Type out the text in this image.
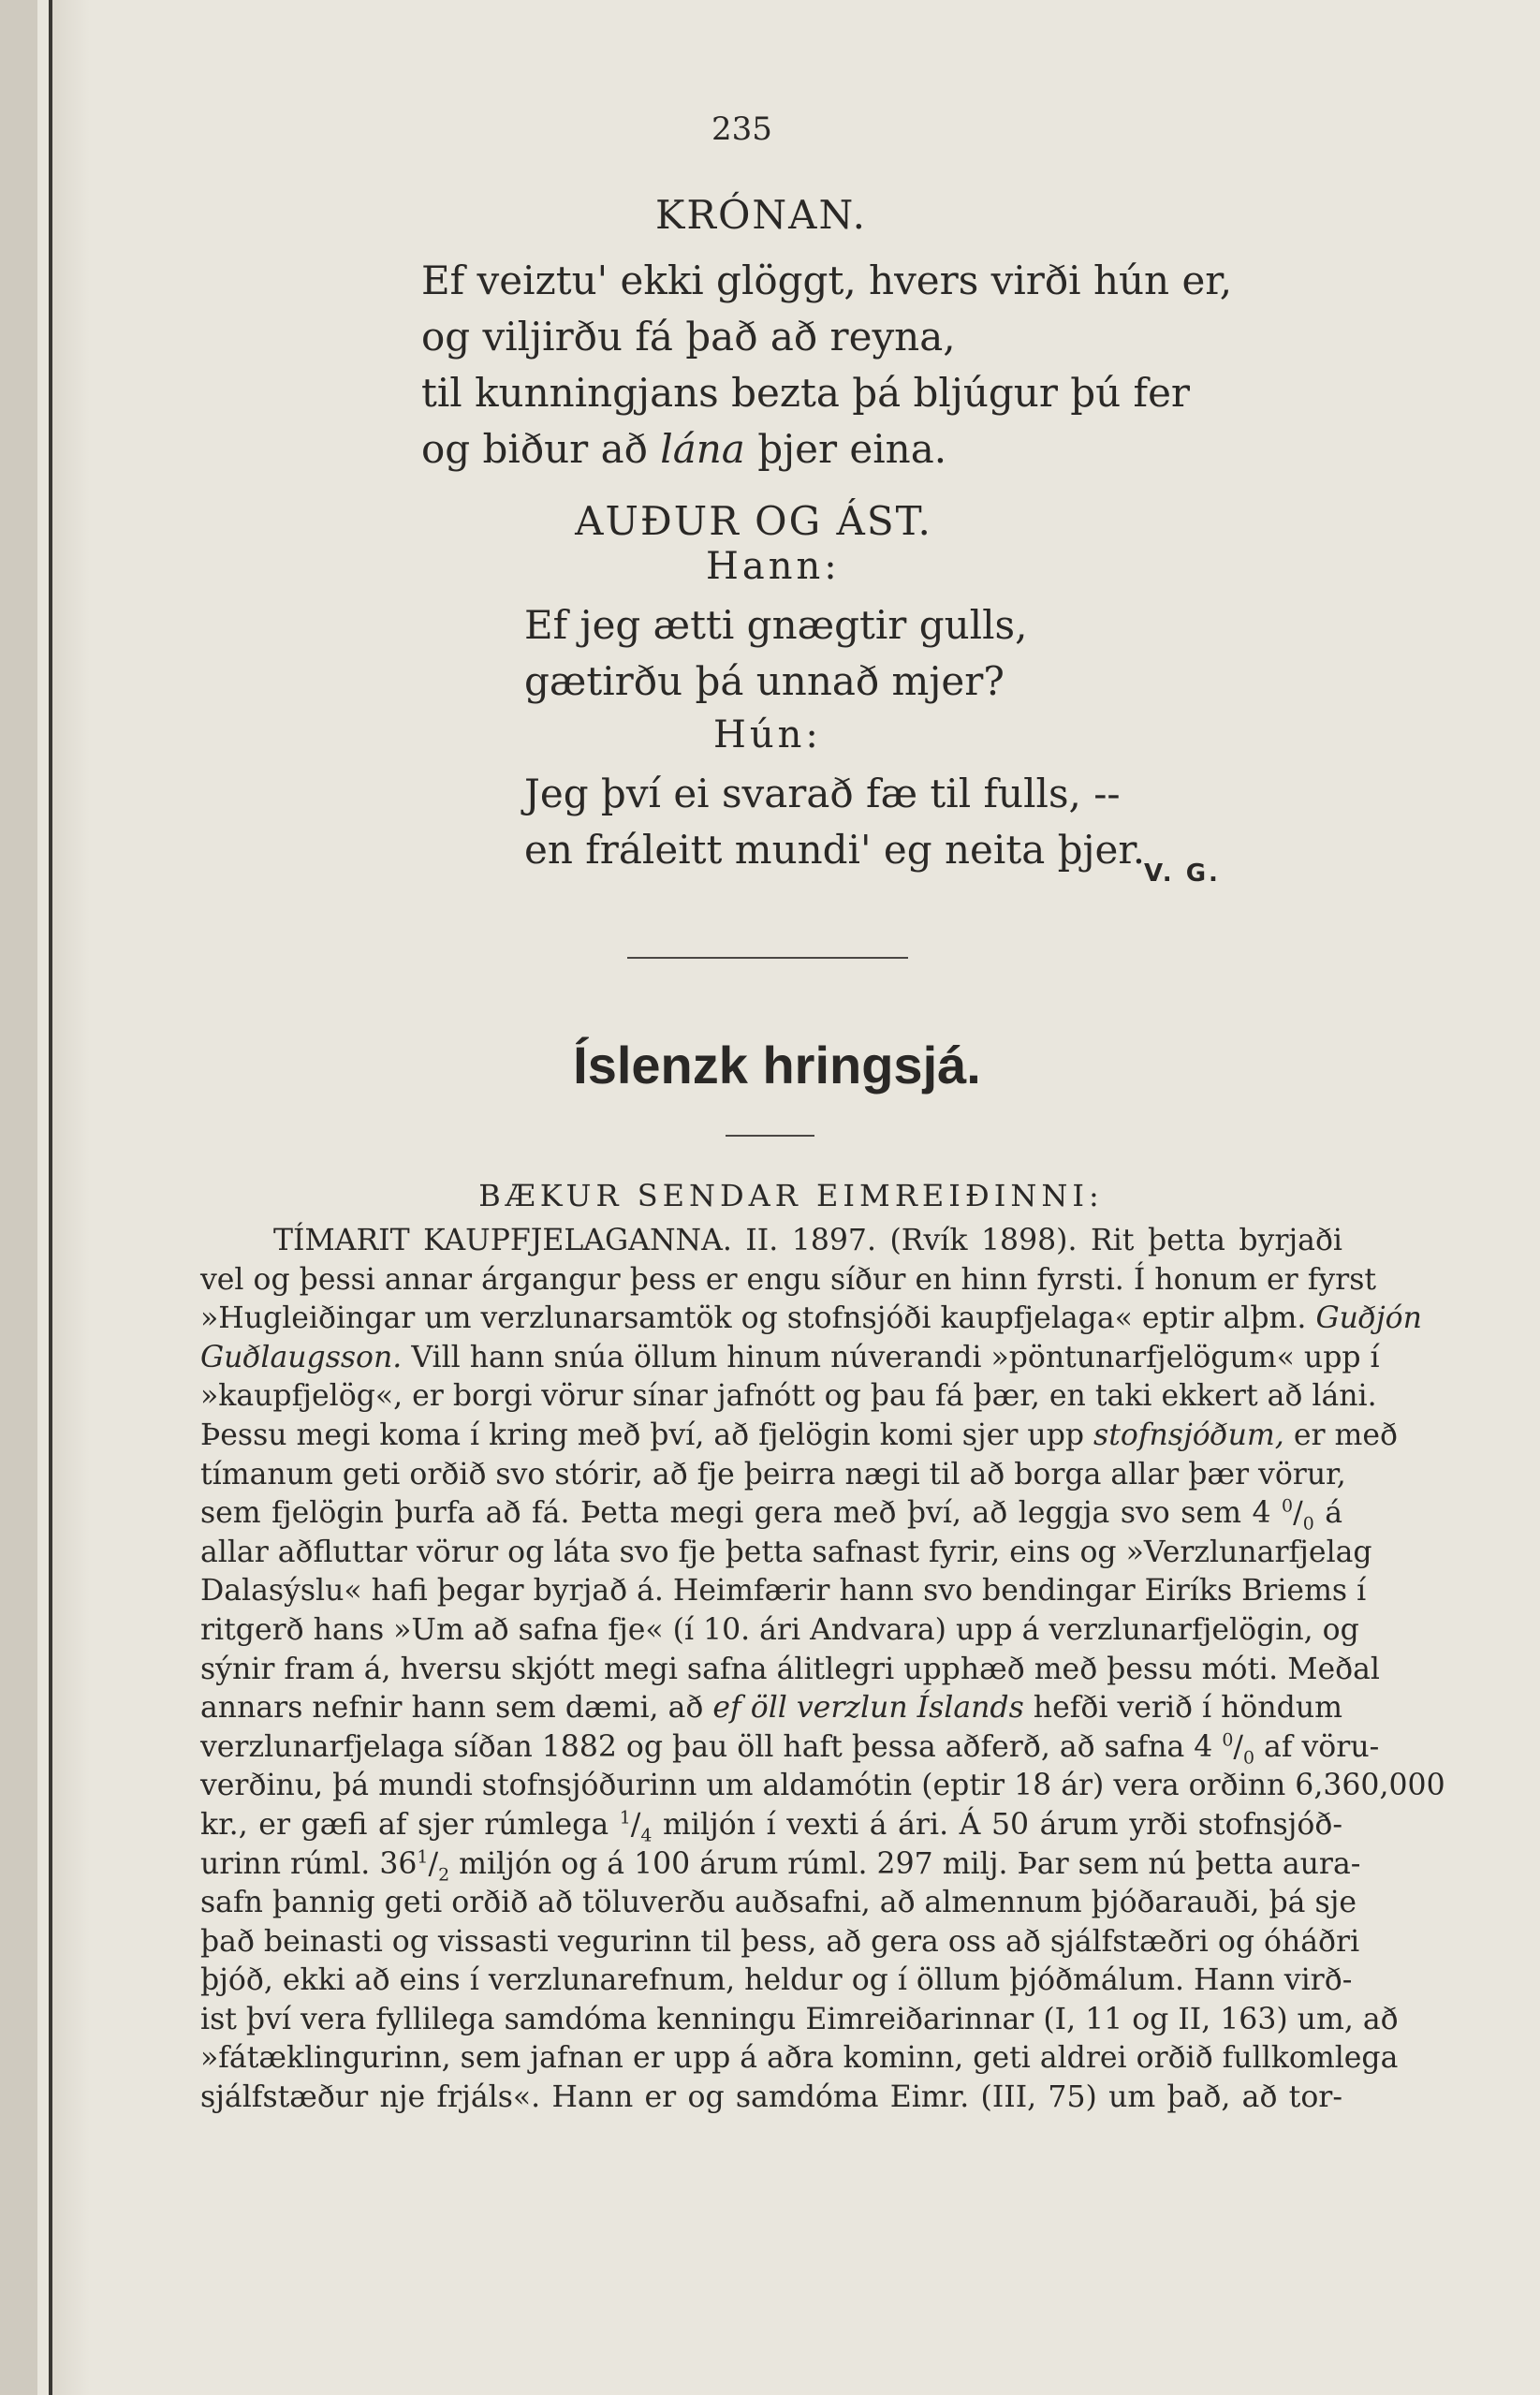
235
KRÓNAN.
Ef veiztu' ekki glöggt, hvers virði hún er,
og viljirðu fá það að reyna,
til kunningjans bezta þá bljúgur þú fer
og biður að lána þjer eina.
AUÐUR OG ÁST.
Hann:
Ef jeg ætti gnægtir gulls,
gætirðu þá unnað mjer?
Hún:
Jeg því ei svarað fæ til fulls, --
en fráleitt mundi' eg neita þjer.
V. G.
Íslenzk hringsjá.
BÆKUR SENDAR EIMREIÐINNI:
TÍMARIT KAUPFJELAGANNA. II. 1897. (Rvík 1898). Rit þetta byrjaði
vel og þessi annar árgangur þess er engu síður en hinn fyrsti. Í honum er fyrst
»Hugleiðingar um verzlunarsamtök og stofnsjóði kaupfjelaga« eptir alþm. Guðjón
Guðlaugsson. Vill hann snúa öllum hinum núverandi »pöntunarfjelögum« upp í
»kaupfjelög«, er borgi vörur sínar jafnótt og þau fá þær, en taki ekkert að láni.
Þessu megi koma í kring með því, að fjelögin komi sjer upp stofnsjóðum, er með
tímanum geti orðið svo stórir, að fje þeirra nægi til að borga allar þær vörur,
sem fjelögin þurfa að fá. Þetta megi gera með því, að leggja svo sem 4 $^0/_0$ á
allar aðfluttar vörur og láta svo fje þetta safnast fyrir, eins og »Verzlunarfjelag
Dalasýslu« hafi þegar byrjað á. Heimfærir hann svo bendingar Eiríks Briems í
ritgerð hans »Um að safna fje« (í 10. ári Andvara) upp á verzlunarfjelögin, og
sýnir fram á, hversu skjótt megi safna álitlegri upphæð með þessu móti. Meðal
annars nefnir hann sem dæmi, að ef öll verzlun Íslands hefði verið í höndum
verzlunarfjelaga síðan 1882 og þau öll haft þessa aðferð, að safna 4 $^0/_0$ af vöru-
verðinu, þá mundi stofnsjóðurinn um aldamótin (eptir 18 ár) vera orðinn 6,360,000
kr., er gæfi af sjer rúmlega $^1/_4$ miljón í vexti á ári. Á 50 árum yrði stofnsjóð-
urinn rúml. $36^1/_2$ miljón og á 100 árum rúml. 297 milj. Þar sem nú þetta aura-
safn þannig geti orðið að töluverðu auðsafni, að almennum þjóðarauði, þá sje
það beinasti og vissasti vegurinn til þess, að gera oss að sjálfstæðri og óháðri
þjóð, ekki að eins í verzlunarefnum, heldur og í öllum þjóðmálum. Hann virð-
ist því vera fyllilega samdóma kenningu Eimreiðarinnar (I, 11 og II, 163) um, að
»fátæklingurinn, sem jafnan er upp á aðra kominn, geti aldrei orðið fullkomlega
sjálfstæður nje frjáls«. Hann er og samdóma Eimr. (III, 75) um það, að tor-
